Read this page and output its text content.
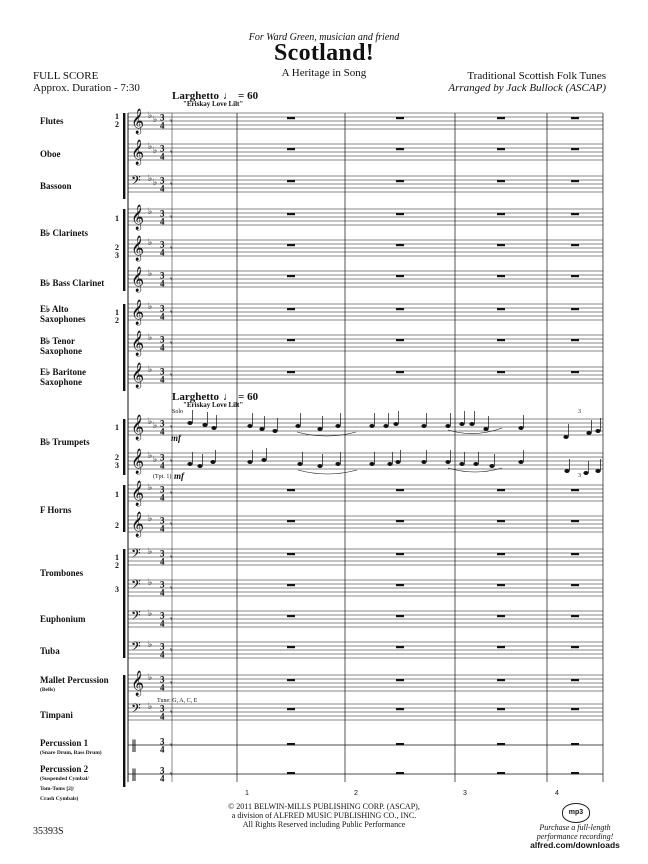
For Ward Green, musician and friend
Scotland!
A Heritage in Song
FULL SCORE
Approx. Duration - 7:30
Traditional Scottish Folk Tunes
Arranged by Jack Bullock (ASCAP)
Larghetto ♩ = 60
"Eriskay Love Lilt"
Larghetto ♩ = 60
"Eriskay Love Lilt"
Flutes
Oboe
Bassoon
B♭ Clarinets
B♭ Bass Clarinet
E♭ Alto
Saxophones
B♭ Tenor
Saxophone
E♭ Baritone
Saxophone
B♭ Trumpets
F Horns
Trombones
Euphonium
Tuba
Mallet Percussion
(Bells)
Timpani
Percussion 1
(Snare Drum, Bass Drum)
Percussion 2
(Suspended Cymbal/
Tom-Toms [2]/
Crash Cymbals)
1
2
1
2
3
1
2
1
2
3
1
2
1
2
3
Solo
mf
(Tpt. 1) mf
Tune: G, A, C, E
3
3
1	2	3	4
𝄞 3
4 𝄾
♭ ♭
𝄞 3
4 𝄾
♭ ♭
𝄢 3
4 𝄾
♭ ♭
𝄞 3
4 𝄾
♭
𝄞 3
4 𝄾
♭
𝄞 3
4 𝄾
♭
𝄞 3
4 𝄾
♭
𝄞 3
4 𝄾
♭
𝄞 3
4 𝄾
♭
𝄞 3
4 𝄾
♭ ♭
𝄞 3
4 𝄾
♭ ♭
𝄞 3
4 𝄾
♭
𝄞 3
4 𝄾
♭
𝄢 3
4 𝄾
♭
𝄢 3
4 𝄾
♭
𝄢 3
4 𝄾
♭
𝄢 3
4 𝄾
♭
𝄞 3
4 𝄾
♭
𝄢 3
4 𝄾
♭
‖	3
4 𝄾
‖	3
4 𝄾
© 2011 BELWIN-MILLS PUBLISHING CORP. (ASCAP),
a division of ALFRED MUSIC PUBLISHING CO., INC.
All Rights Reserved including Public Performance
35393S
mp3
Purchase a full-length
performance recording!
alfred.com/downloads
